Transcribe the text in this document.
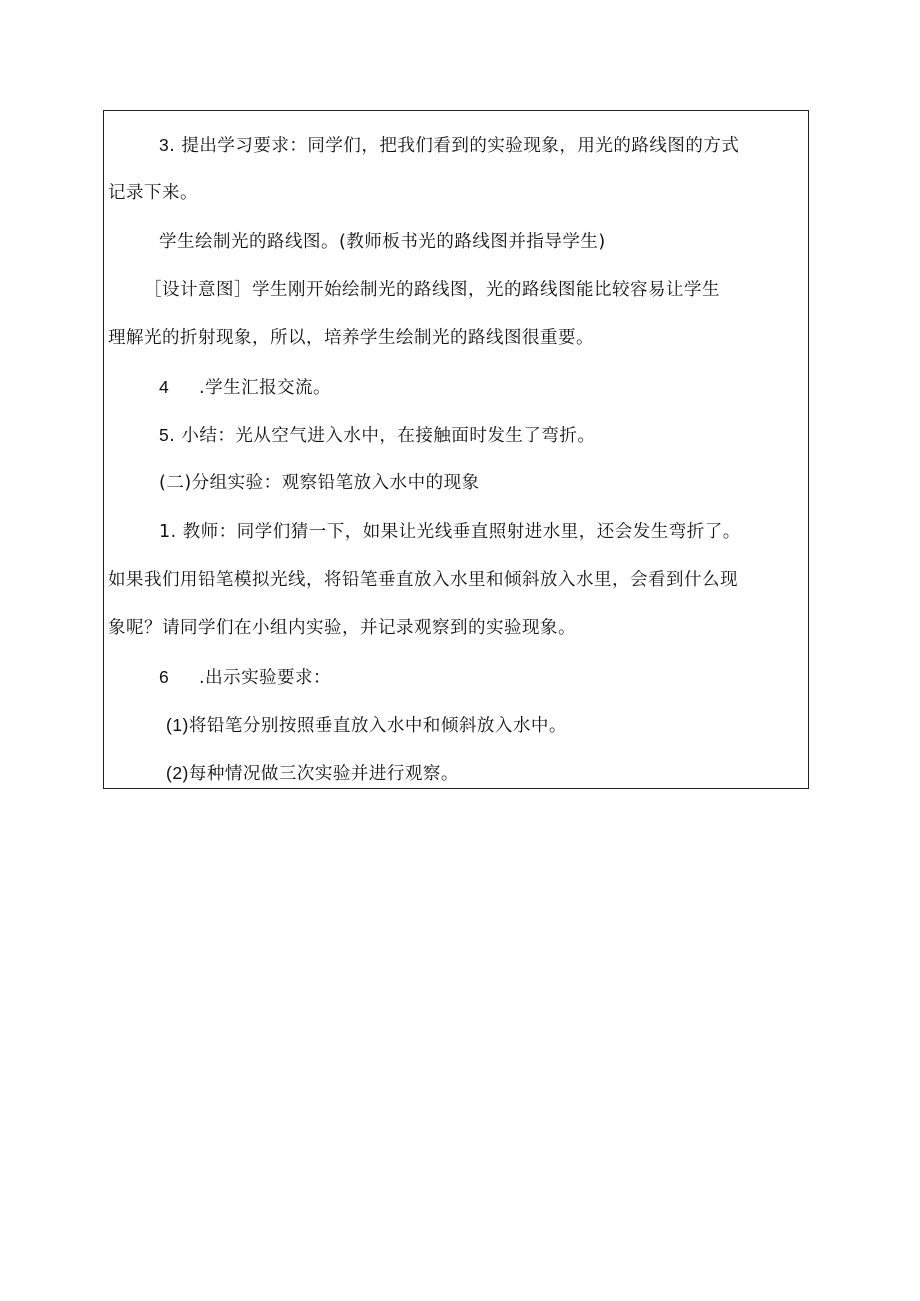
3. 提出学习要求：同学们，把我们看到的实验现象，用光的路线图的方式
记录下来。
学生绘制光的路线图。(教师板书光的路线图并指导学生)
［设计意图］学生刚开始绘制光的路线图，光的路线图能比较容易让学生
理解光的折射现象，所以，培养学生绘制光的路线图很重要。
4 .学生汇报交流。
5. 小结：光从空气进入水中，在接触面时发生了弯折。
(二)分组实验：观察铅笔放入水中的现象
1. 教师：同学们猜一下，如果让光线垂直照射进水里，还会发生弯折了。
如果我们用铅笔模拟光线，将铅笔垂直放入水里和倾斜放入水里，会看到什么现
象呢？请同学们在小组内实验，并记录观察到的实验现象。
6 .出示实验要求：
(1)将铅笔分别按照垂直放入水中和倾斜放入水中。
(2)每种情况做三次实验并进行观察。
